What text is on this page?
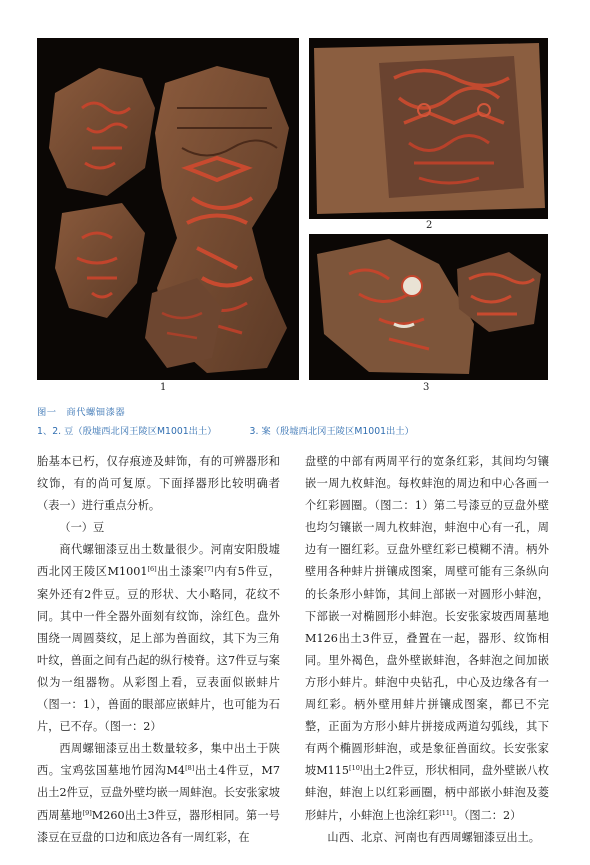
1
2
3
图一　商代螺钿漆器
1、2. 豆（殷墟西北冈王陵区M1001出土）	3. 案（殷墟西北冈王陵区M1001出土）

胎基本已朽，仅存痕迹及蚌饰，有的可辨器形和纹饰，有的尚可复原。下面择器形比较明确者（表一）进行重点分析。

（一）豆

商代螺钿漆豆出土数量很少。河南安阳殷墟西北冈王陵区M1001[6]出土漆案[7]内有5件豆，案外还有2件豆。豆的形状、大小略同，花纹不同。其中一件全器外面刻有纹饰，涂红色。盘外围绕一周圆葵纹，足上部为兽面纹，其下为三角叶纹，兽面之间有凸起的纵行棱脊。这7件豆与案似为一组器物。从彩图上看，豆表面似嵌蚌片（图一：1），兽面的眼部应嵌蚌片，也可能为石片，已不存。（图一：2）

西周螺钿漆豆出土数量较多，集中出土于陕西。宝鸡弦国墓地竹园沟M4[8]出土4件豆，M7出土2件豆，豆盘外壁均嵌一周蚌泡。长安张家坡西周墓地[9]M260出土3件豆，器形相同。第一号漆豆在豆盘的口边和底边各有一周红彩，在

盘壁的中部有两周平行的宽条红彩，其间均匀镶嵌一周九枚蚌泡。每枚蚌泡的周边和中心各画一个红彩圆圈。（图二：1）第二号漆豆的豆盘外壁也均匀镶嵌一周九枚蚌泡，蚌泡中心有一孔，周边有一圈红彩。豆盘外壁红彩已模糊不清。柄外壁用各种蚌片拼镶成图案，周壁可能有三条纵向的长条形小蚌饰，其间上部嵌一对圆形小蚌泡，下部嵌一对椭圆形小蚌泡。长安张家坡西周墓地M126出土3件豆，叠置在一起，器形、纹饰相同。里外褐色，盘外壁嵌蚌泡，各蚌泡之间加嵌方形小蚌片。蚌泡中央钻孔，中心及边缘各有一周红彩。柄外壁用蚌片拼镶成图案，都已不完整，正面为方形小蚌片拼接成两道勾弧线，其下有两个椭圆形蚌泡，或是象征兽面纹。长安张家坡M115[10]出土2件豆，形状相同，盘外壁嵌八枚蚌泡，蚌泡上以红彩画圈，柄中部嵌小蚌泡及菱形蚌片，小蚌泡上也涂红彩[11]。（图二：2）

山西、北京、河南也有西周螺钿漆豆出土。
